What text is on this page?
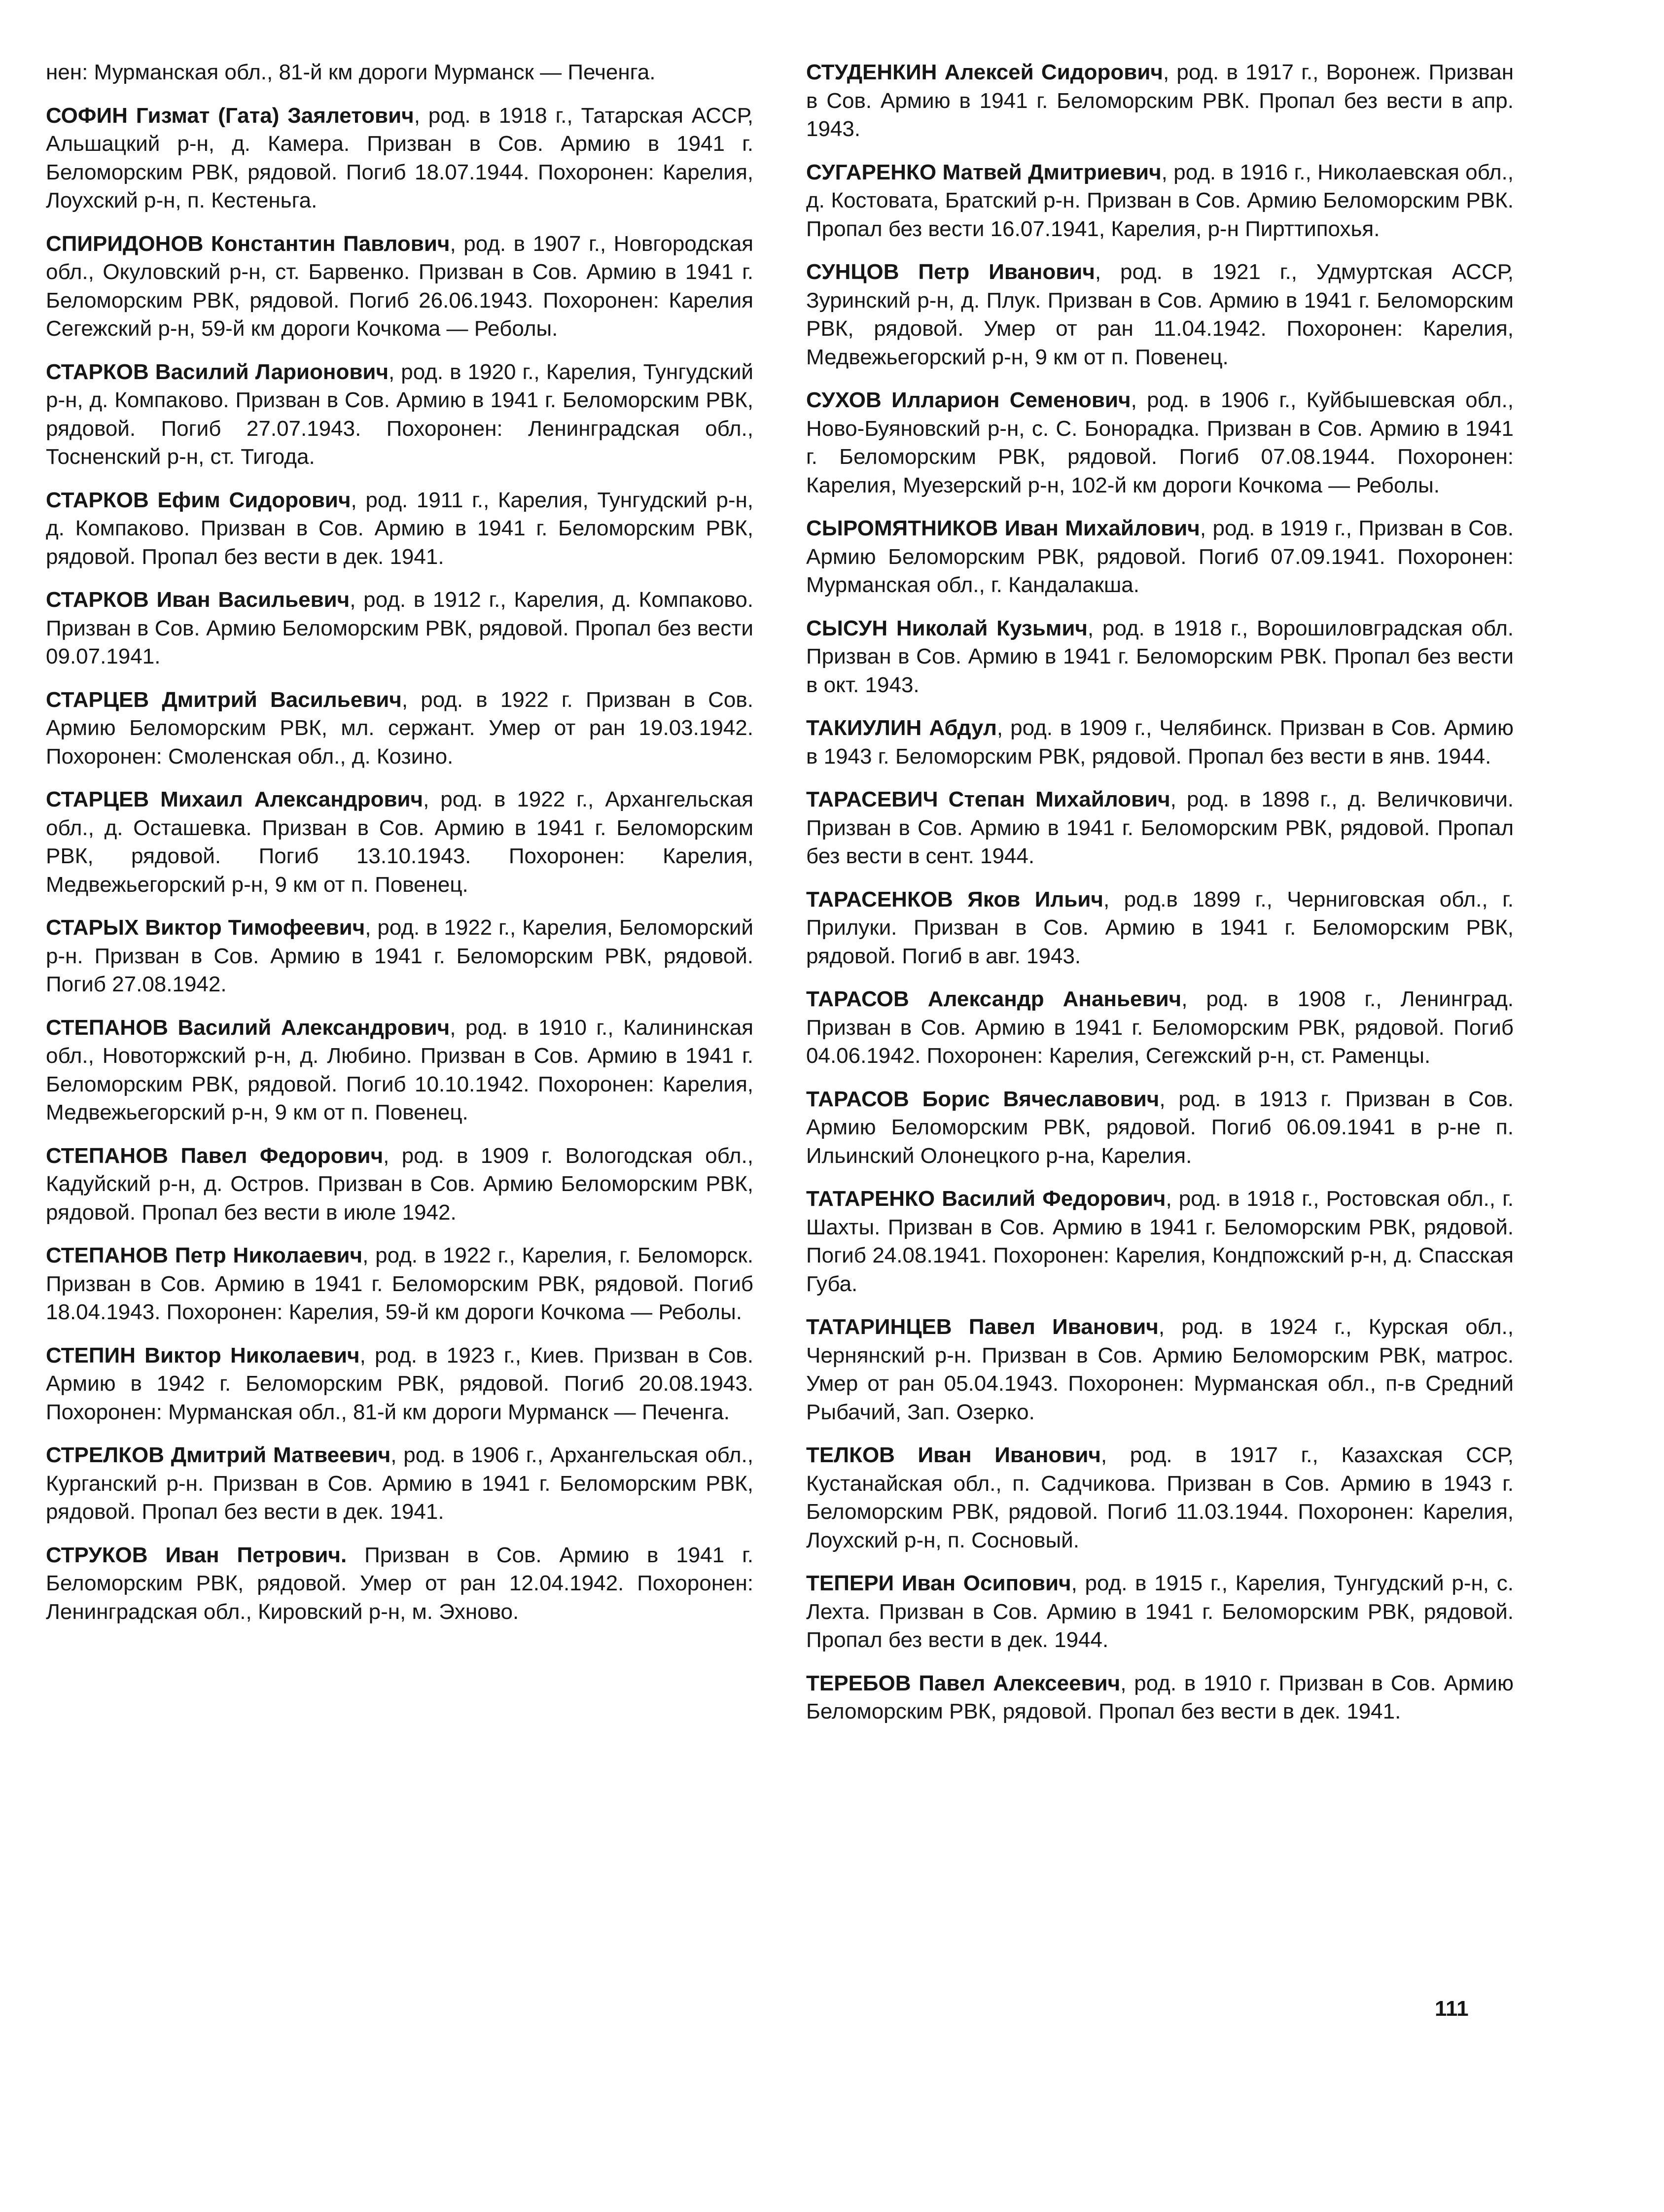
нен: Мурманская обл., 81-й км дороги Мурманск — Печенга.

СОФИН Гизмат (Гата) Заялетович, род. в 1918 г., Татарская АССР, Альшацкий р-н, д. Камера. Призван в Сов. Армию в 1941 г. Беломорским РВК, рядовой. Погиб 18.07.1944. Похоронен: Карелия, Лоухский р-н, п. Кестеньга.

СПИРИДОНОВ Константин Павлович, род. в 1907 г., Новгородская обл., Окуловский р-н, ст. Барвенко. Призван в Сов. Армию в 1941 г. Беломорским РВК, рядовой. Погиб 26.06.1943. Похоронен: Карелия Сегежский р-н, 59-й км дороги Кочкома — Реболы.

СТАРКОВ Василий Ларионович, род. в 1920 г., Карелия, Тунгудский р-н, д. Компаково. Призван в Сов. Армию в 1941 г. Беломорским РВК, рядовой. Погиб 27.07.1943. Похоронен: Ленинградская обл., Тосненский р-н, ст. Тигода.

СТАРКОВ Ефим Сидорович, род. 1911 г., Карелия, Тунгудский р-н, д. Компаково. Призван в Сов. Армию в 1941 г. Беломорским РВК, рядовой. Пропал без вести в дек. 1941.

СТАРКОВ Иван Васильевич, род. в 1912 г., Карелия, д. Компаково. Призван в Сов. Армию Беломорским РВК, рядовой. Пропал без вести 09.07.1941.

СТАРЦЕВ Дмитрий Васильевич, род. в 1922 г. Призван в Сов. Армию Беломорским РВК, мл. сержант. Умер от ран 19.03.1942. Похоронен: Смоленская обл., д. Козино.

СТАРЦЕВ Михаил Александрович, род. в 1922 г., Архангельская обл., д. Осташевка. Призван в Сов. Армию в 1941 г. Беломорским РВК, рядовой. Погиб 13.10.1943. Похоронен: Карелия, Медвежьегорский р-н, 9 км от п. Повенец.

СТАРЫХ Виктор Тимофеевич, род. в 1922 г., Карелия, Беломорский р-н. Призван в Сов. Армию в 1941 г. Беломорским РВК, рядовой. Погиб 27.08.1942.

СТЕПАНОВ Василий Александрович, род. в 1910 г., Калининская обл., Новоторжский р-н, д. Любино. Призван в Сов. Армию в 1941 г. Беломорским РВК, рядовой. Погиб 10.10.1942. Похоронен: Карелия, Медвежьегорский р-н, 9 км от п. Повенец.

СТЕПАНОВ Павел Федорович, род. в 1909 г. Вологодская обл., Кадуйский р-н, д. Остров. Призван в Сов. Армию Беломорским РВК, рядовой. Пропал без вести в июле 1942.

СТЕПАНОВ Петр Николаевич, род. в 1922 г., Карелия, г. Беломорск. Призван в Сов. Армию в 1941 г. Беломорским РВК, рядовой. Погиб 18.04.1943. Похоронен: Карелия, 59-й км дороги Кочкома — Реболы.

СТЕПИН Виктор Николаевич, род. в 1923 г., Киев. Призван в Сов. Армию в 1942 г. Беломорским РВК, рядовой. Погиб 20.08.1943. Похоронен: Мурманская обл., 81-й км дороги Мурманск — Печенга.

СТРЕЛКОВ Дмитрий Матвеевич, род. в 1906 г., Архангельская обл., Курганский р-н. Призван в Сов. Армию в 1941 г. Беломорским РВК, рядовой. Пропал без вести в дек. 1941.

СТРУКОВ Иван Петрович. Призван в Сов. Армию в 1941 г. Беломорским РВК, рядовой. Умер от ран 12.04.1942. Похоронен: Ленинградская обл., Кировский р-н, м. Эхново.

СТУДЕНКИН Алексей Сидорович, род. в 1917 г., Воронеж. Призван в Сов. Армию в 1941 г. Беломорским РВК. Пропал без вести в апр. 1943.

СУГАРЕНКО Матвей Дмитриевич, род. в 1916 г., Николаевская обл., д. Костовата, Братский р-н. Призван в Сов. Армию Беломорским РВК. Пропал без вести 16.07.1941, Карелия, р-н Пирттипохья.

СУНЦОВ Петр Иванович, род. в 1921 г., Удмуртская АССР, Зуринский р-н, д. Плук. Призван в Сов. Армию в 1941 г. Беломорским РВК, рядовой. Умер от ран 11.04.1942. Похоронен: Карелия, Медвежьегорский р-н, 9 км от п. Повенец.

СУХОВ Илларион Семенович, род. в 1906 г., Куйбышевская обл., Ново-Буяновский р-н, с. С. Бонорадка. Призван в Сов. Армию в 1941 г. Беломорским РВК, рядовой. Погиб 07.08.1944. Похоронен: Карелия, Муезерский р-н, 102-й км дороги Кочкома — Реболы.

СЫРОМЯТНИКОВ Иван Михайлович, род. в 1919 г., Призван в Сов. Армию Беломорским РВК, рядовой. Погиб 07.09.1941. Похоронен: Мурманская обл., г. Кандалакша.

СЫСУН Николай Кузьмич, род. в 1918 г., Ворошиловградская обл. Призван в Сов. Армию в 1941 г. Беломорским РВК. Пропал без вести в окт. 1943.

ТАКИУЛИН Абдул, род. в 1909 г., Челябинск. Призван в Сов. Армию в 1943 г. Беломорским РВК, рядовой. Пропал без вести в янв. 1944.

ТАРАСЕВИЧ Степан Михайлович, род. в 1898 г., д. Величковичи. Призван в Сов. Армию в 1941 г. Беломорским РВК, рядовой. Пропал без вести в сент. 1944.

ТАРАСЕНКОВ Яков Ильич, род.в 1899 г., Черниговская обл., г. Прилуки. Призван в Сов. Армию в 1941 г. Беломорским РВК, рядовой. Погиб в авг. 1943.

ТАРАСОВ Александр Ананьевич, род. в 1908 г., Ленинград. Призван в Сов. Армию в 1941 г. Беломорским РВК, рядовой. Погиб 04.06.1942. Похоронен: Карелия, Сегежский р-н, ст. Раменцы.

ТАРАСОВ Борис Вячеславович, род. в 1913 г. Призван в Сов. Армию Беломорским РВК, рядовой. Погиб 06.09.1941 в р-не п. Ильинский Олонецкого р-на, Карелия.

ТАТАРЕНКО Василий Федорович, род. в 1918 г., Ростовская обл., г. Шахты. Призван в Сов. Армию в 1941 г. Беломорским РВК, рядовой. Погиб 24.08.1941. Похоронен: Карелия, Кондпожский р-н, д. Спасская Губа.

ТАТАРИНЦЕВ Павел Иванович, род. в 1924 г., Курская обл., Чернянский р-н. Призван в Сов. Армию Беломорским РВК, матрос. Умер от ран 05.04.1943. Похоронен: Мурманская обл., п-в Средний Рыбачий, Зап. Озерко.

ТЕЛКОВ Иван Иванович, род. в 1917 г., Казахская ССР, Кустанайская обл., п. Садчикова. Призван в Сов. Армию в 1943 г. Беломорским РВК, рядовой. Погиб 11.03.1944. Похоронен: Карелия, Лоухский р-н, п. Сосновый.

ТЕПЕРИ Иван Осипович, род. в 1915 г., Карелия, Тунгудский р-н, с. Лехта. Призван в Сов. Армию в 1941 г. Беломорским РВК, рядовой. Пропал без вести в дек. 1944.

ТЕРЕБОВ Павел Алексеевич, род. в 1910 г. Призван в Сов. Армию Беломорским РВК, рядовой. Пропал без вести в дек. 1941.

111
